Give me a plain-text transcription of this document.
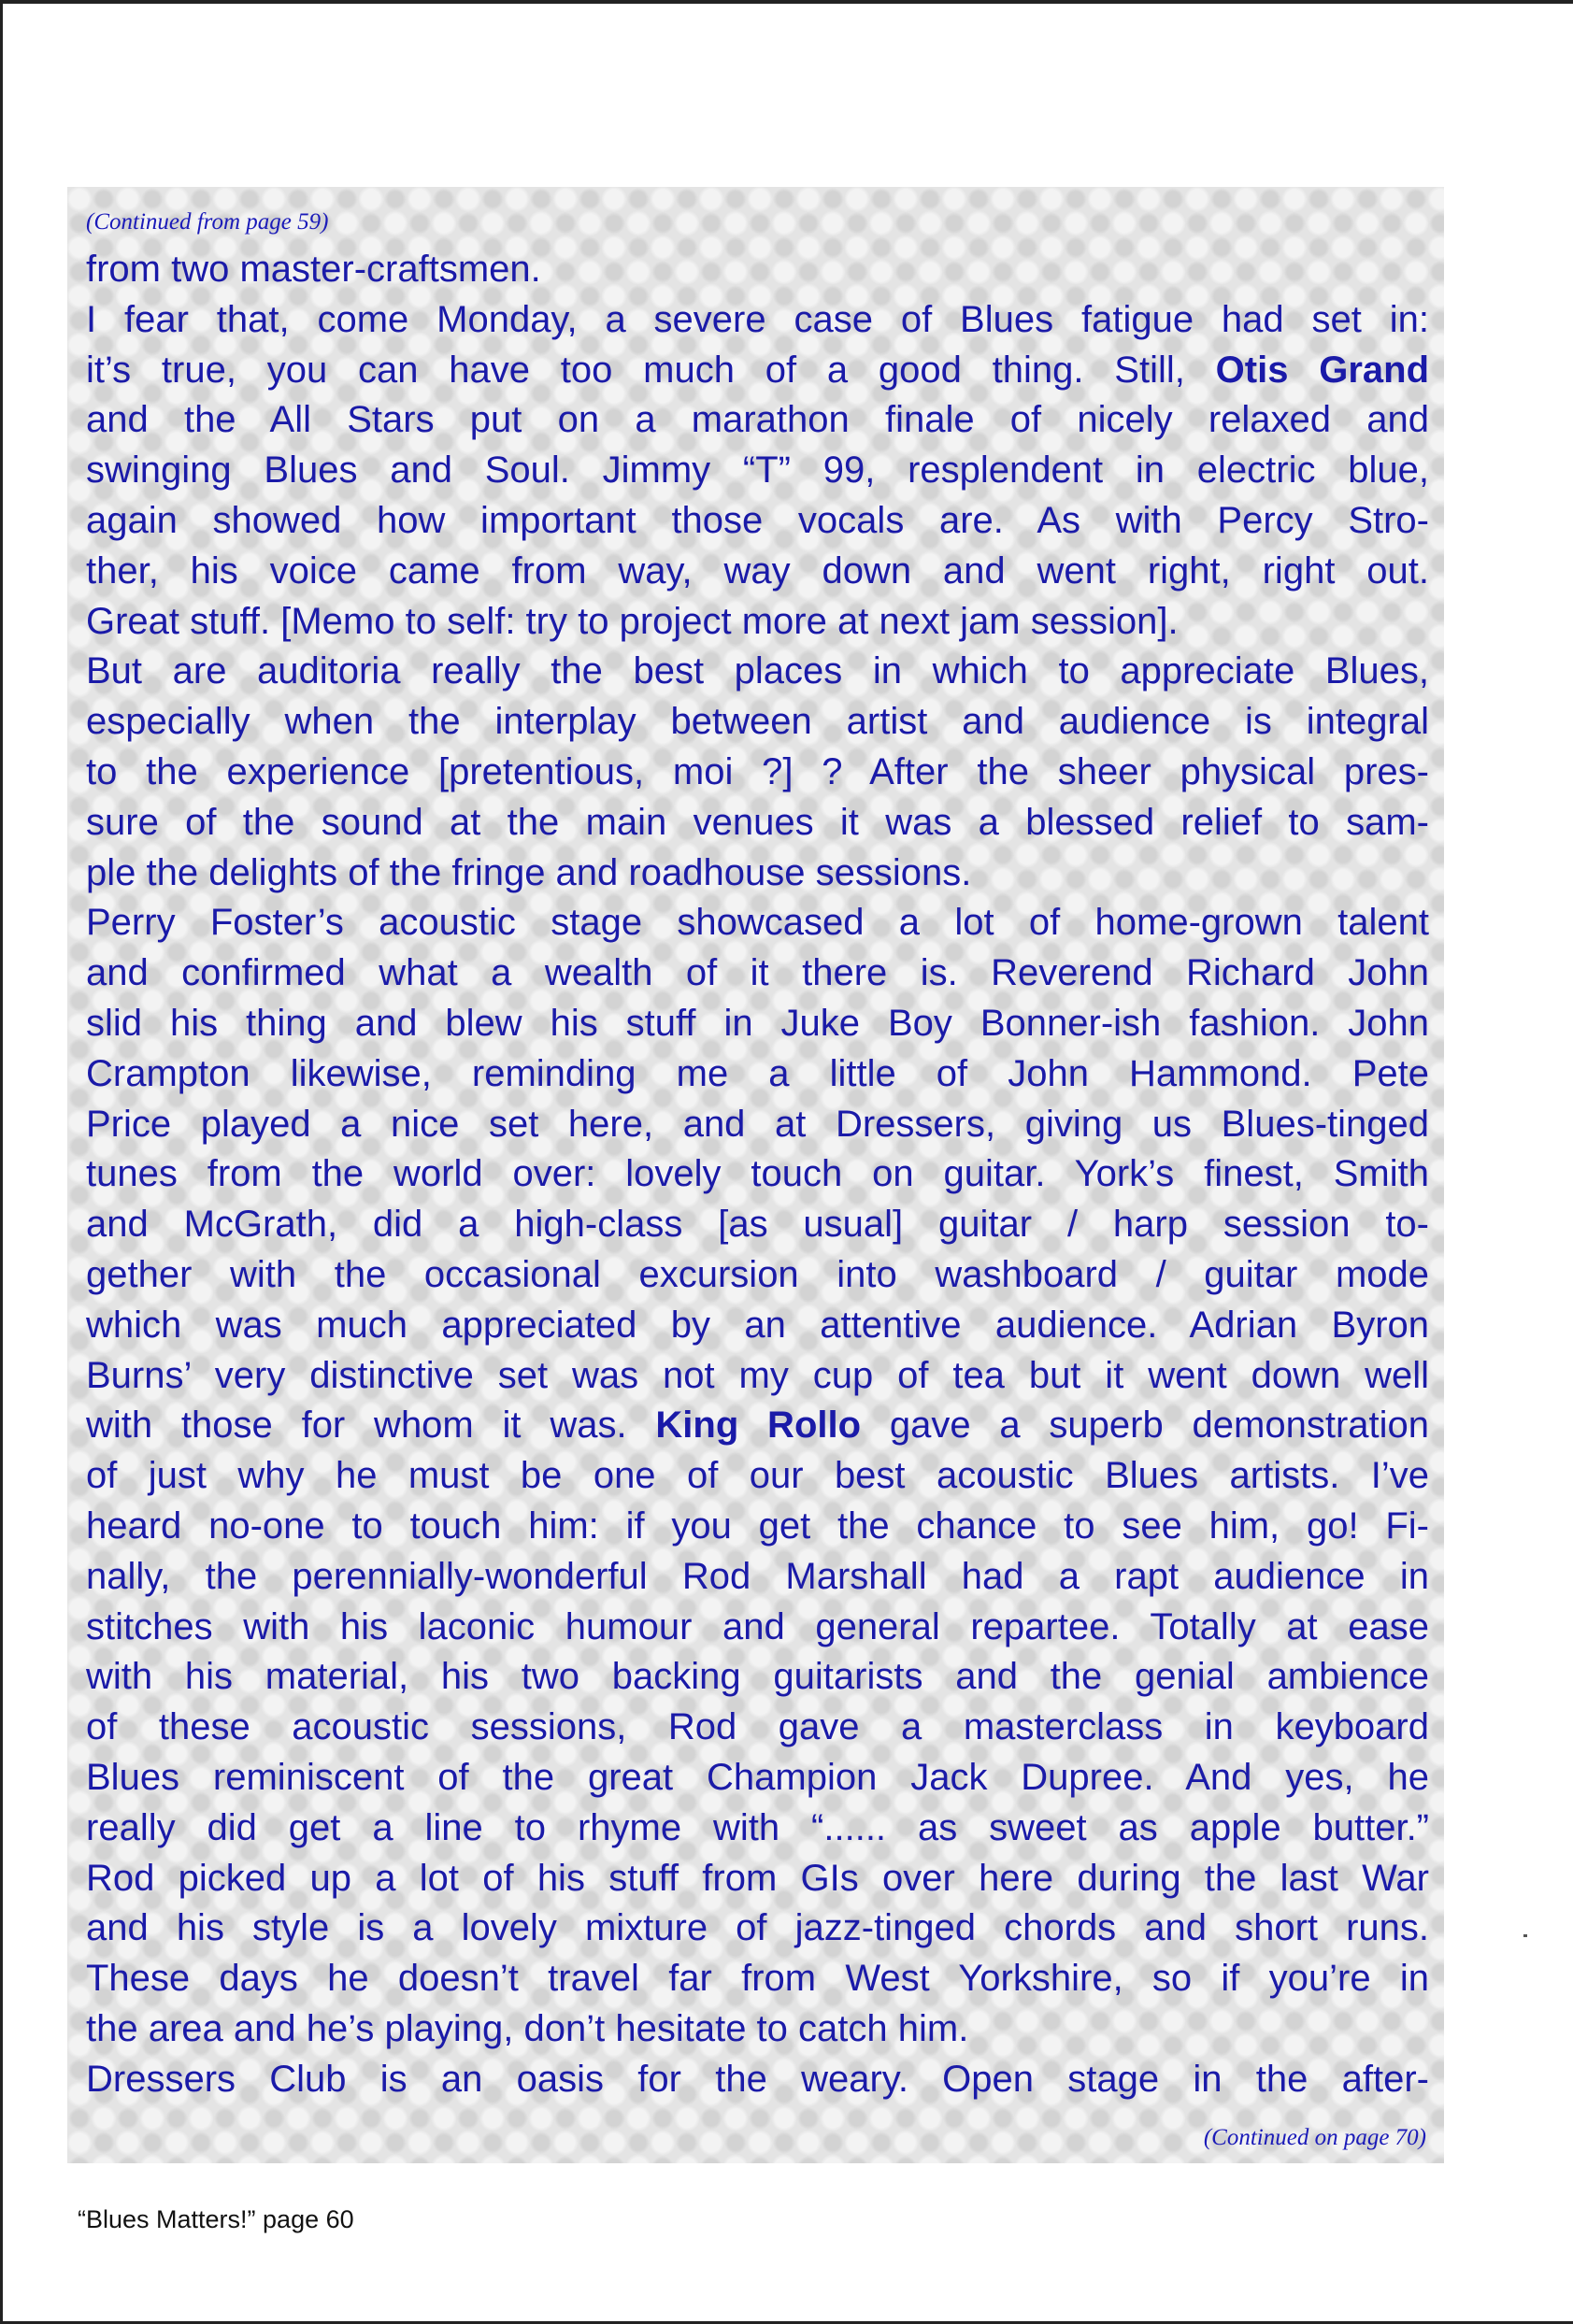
(Continued from page 59)
from two master-craftsmen.
I fear that, come Monday, a severe case of Blues fatigue had set in:
it’s true, you can have too much of a good thing. Still, Otis Grand
and the All Stars put on a marathon finale of nicely relaxed and
swinging Blues and Soul. Jimmy “T” 99, resplendent in electric blue,
again showed how important those vocals are. As with Percy Stro-
ther, his voice came from way, way down and went right, right out.
Great stuff. [Memo to self: try to project more at next jam session].
But are auditoria really the best places in which to appreciate Blues,
especially when the interplay between artist and audience is integral
to the experience [pretentious, moi ?] ? After the sheer physical pres-
sure of the sound at the main venues it was a blessed relief to sam-
ple the delights of the fringe and roadhouse sessions.
Perry Foster’s acoustic stage showcased a lot of home-grown talent
and confirmed what a wealth of it there is. Reverend Richard John
slid his thing and blew his stuff in Juke Boy Bonner-ish fashion. John
Crampton likewise, reminding me a little of John Hammond. Pete
Price played a nice set here, and at Dressers, giving us Blues-tinged
tunes from the world over: lovely touch on guitar. York’s finest, Smith
and McGrath, did a high-class [as usual] guitar / harp session to-
gether with the occasional excursion into washboard / guitar mode
which was much appreciated by an attentive audience. Adrian Byron
Burns’ very distinctive set was not my cup of tea but it went down well
with those for whom it was. King Rollo gave a superb demonstration
of just why he must be one of our best acoustic Blues artists. I’ve
heard no-one to touch him: if you get the chance to see him, go! Fi-
nally, the perennially-wonderful Rod Marshall had a rapt audience in
stitches with his laconic humour and general repartee. Totally at ease
with his material, his two backing guitarists and the genial ambience
of these acoustic sessions, Rod gave a masterclass in keyboard
Blues reminiscent of the great Champion Jack Dupree. And yes, he
really did get a line to rhyme with “...... as sweet as apple butter.”
Rod picked up a lot of his stuff from GIs over here during the last War
and his style is a lovely mixture of jazz-tinged chords and short runs.
These days he doesn’t travel far from West Yorkshire, so if you’re in
the area and he’s playing, don’t hesitate to catch him.
Dressers Club is an oasis for the weary. Open stage in the after-
(Continued on page 70)
“Blues Matters!” page 60
